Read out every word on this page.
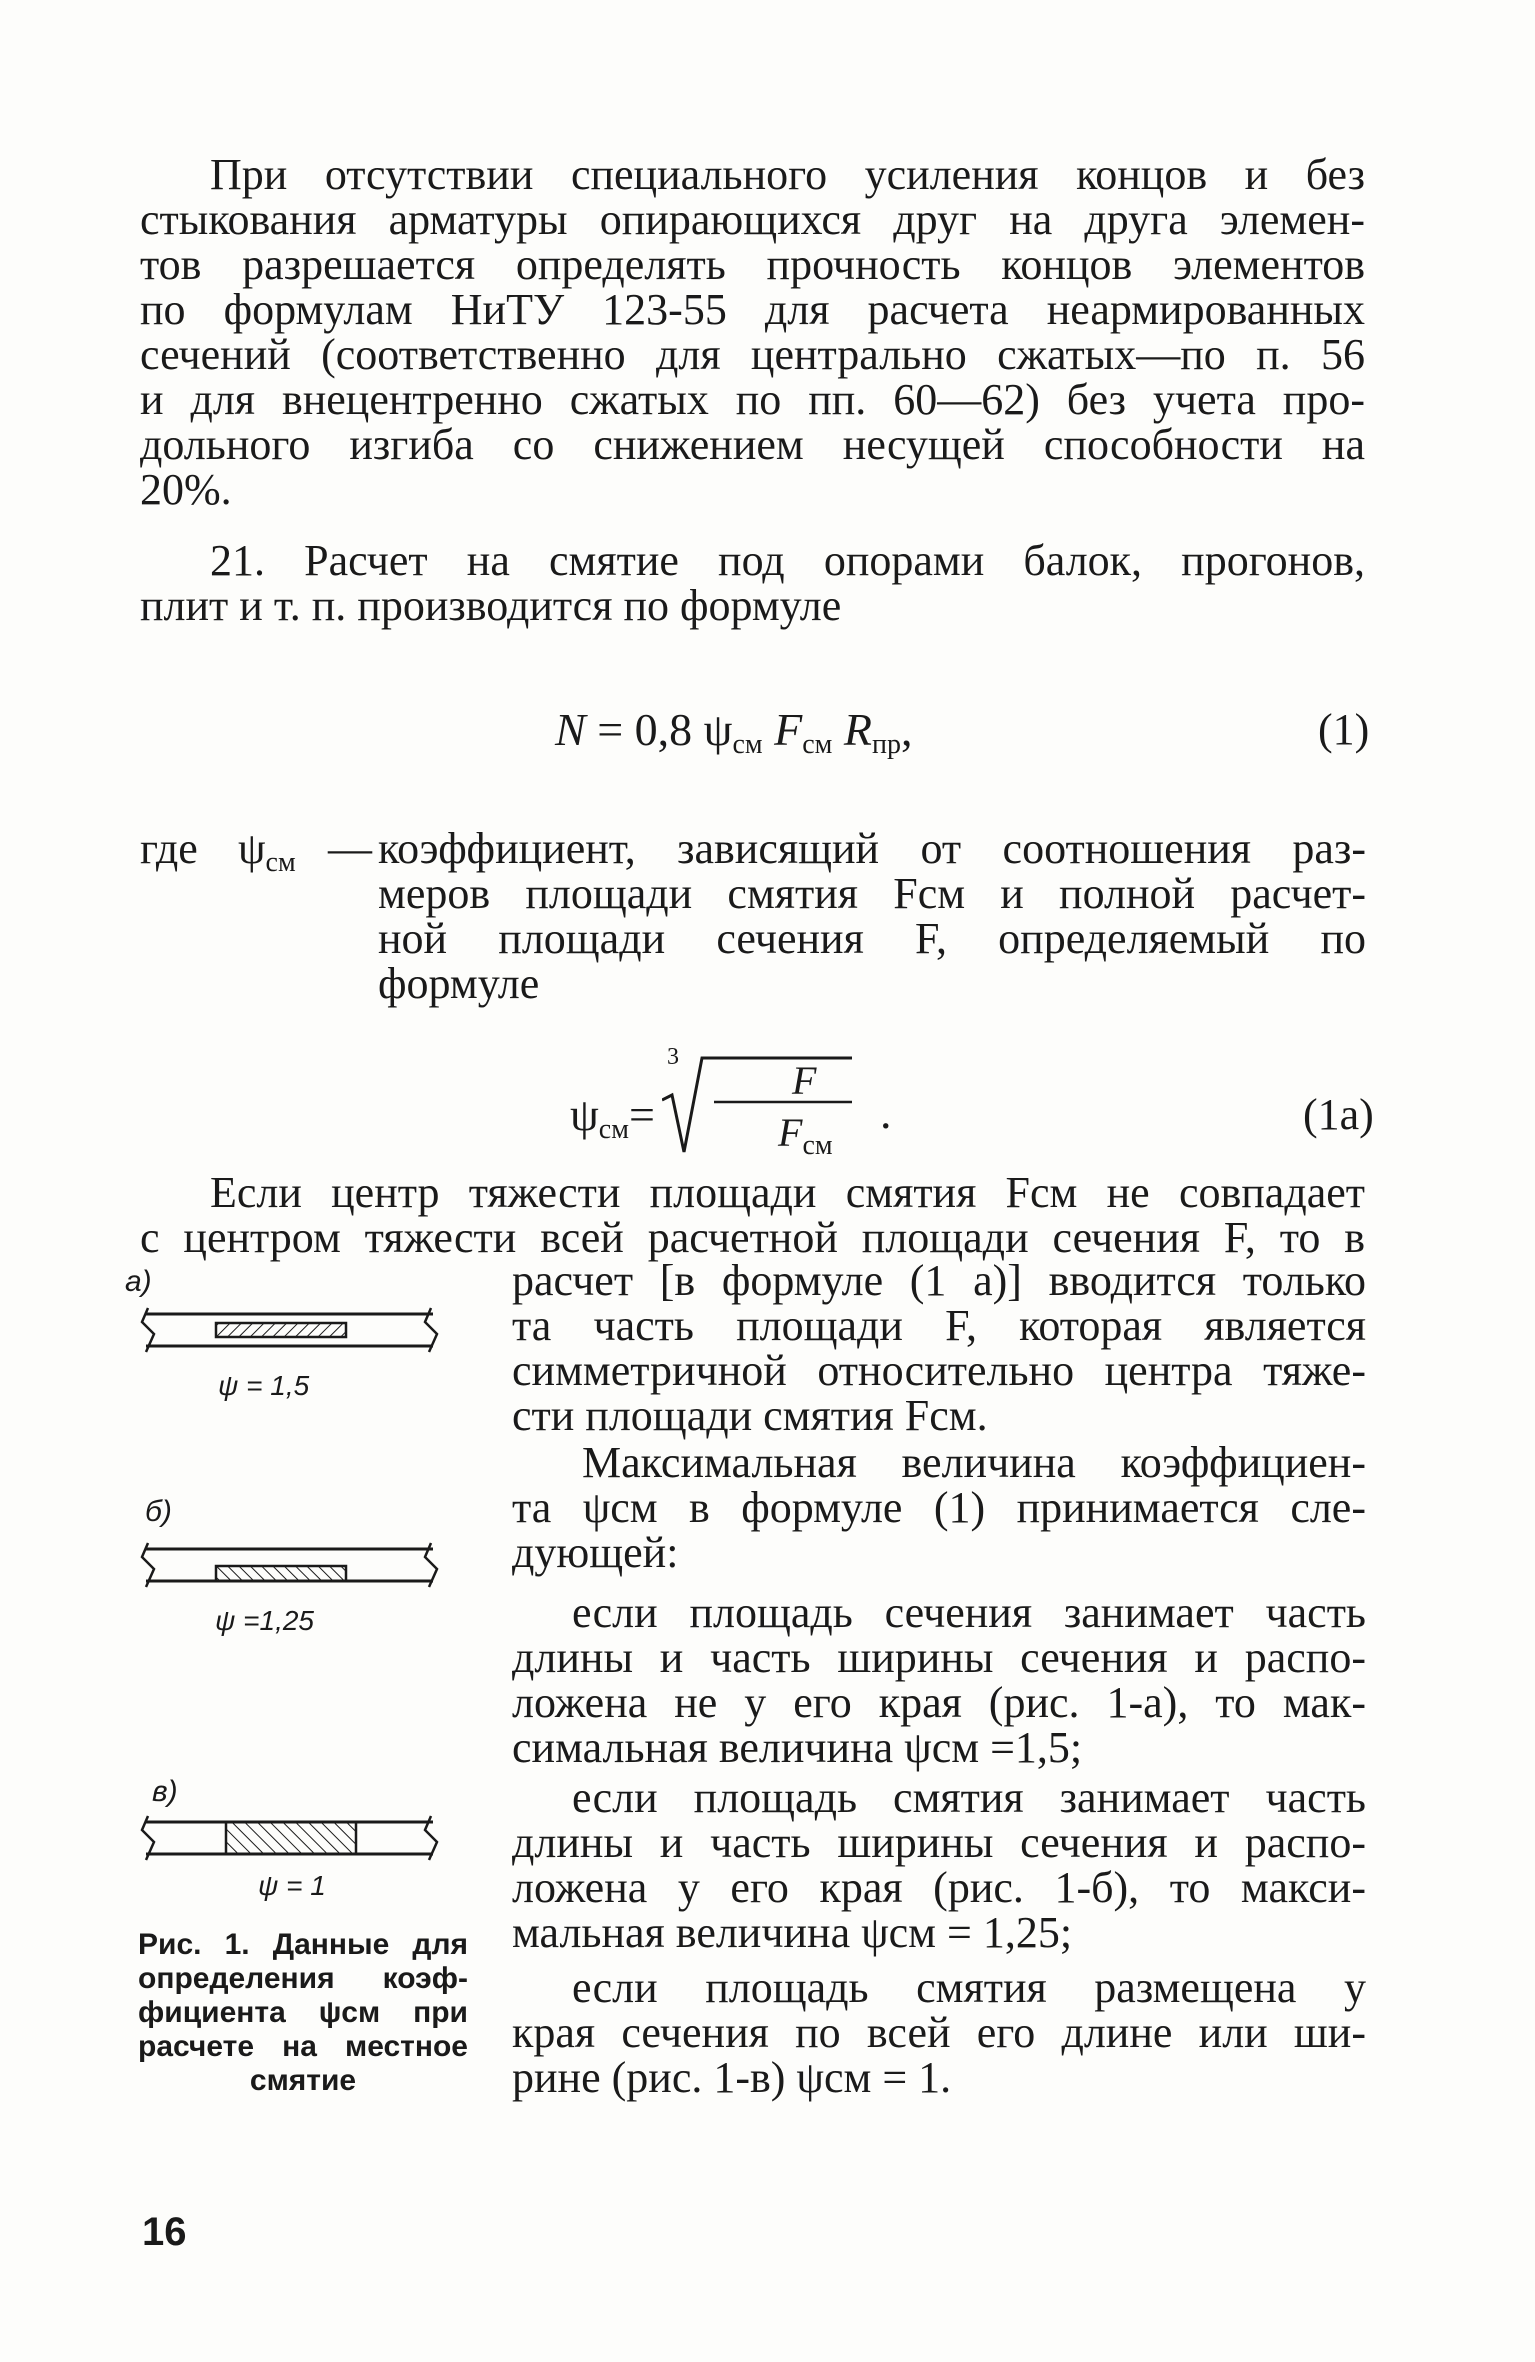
При отсутствии специального усиления концов и без
стыкования арматуры опирающихся друг на друга элемен-
тов разрешается определять прочность концов элементов
по формулам НиТУ 123-55 для расчета неармированных
сечений (соответственно для центрально сжатых—по п. 56
и для внецентренно сжатых по пп. 60—62) без учета про-
дольного изгиба со снижением несущей способности на
20%.
21. Расчет на смятие под опорами балок, прогонов,
плит и т. п. производится по формуле
N = 0,8 $\psi_{см}$ $F_{см}$ $R_{пр}$,	(1)
где $\psi_{см}$ — коэффициент, зависящий от соотношения раз-
меров площади смятия Fсм и полной расчет-
ной площади сечения F, определяемый по
формуле
$\psi_{см}=$
3
F
$F_{см}$
.	(1a)
Если центр тяжести площади смятия Fсм не совпадает
с центром тяжести всей расчетной площади сечения F, то в
расчет [в формуле (1 а)] вводится только
та часть площади F, которая является
симметричной относительно центра тяже-
сти площади смятия Fсм.
Максимальная величина коэффициен-
та ψсм в формуле (1) принимается сле-
дующей:
если площадь сечения занимает часть
длины и часть ширины сечения и распо-
ложена не у его края (рис. 1-а), то мак-
симальная величина ψсм =1,5;
если площадь смятия занимает часть
длины и часть ширины сечения и распо-
ложена у его края (рис. 1-б), то макси-
мальная величина ψсм = 1,25;
если площадь смятия размещена у
края сечения по всей его длине или ши-
рине (рис. 1-в) ψсм = 1.
а)
ψ = 1,5
б)
ψ =1,25
в)
ψ = 1
Рис. 1. Данные для
определения коэф-
фициента ψсм при
расчете на местное
смятие
16
